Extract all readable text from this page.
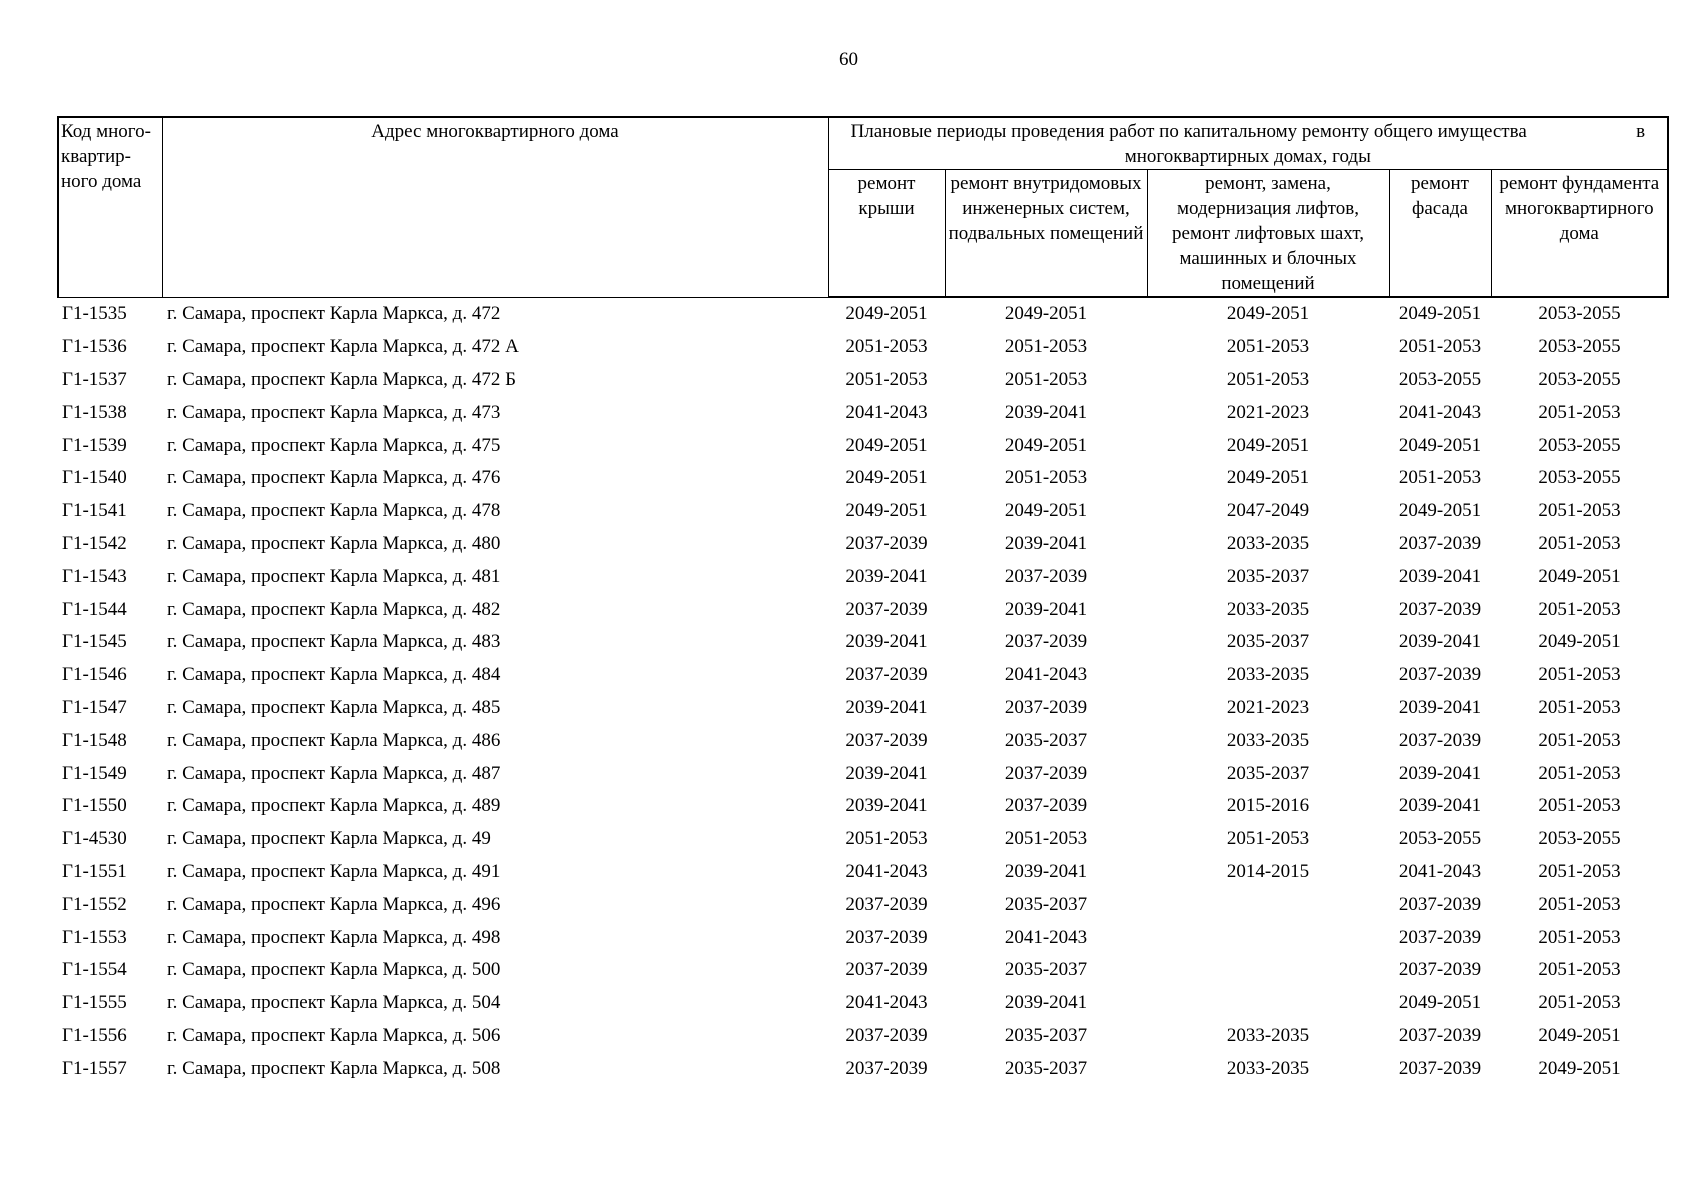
60
Код много-квартир-ного дома	Адрес многоквартирного дома	Плановые периоды проведения работ по капитальному ремонту общего имущества в
многоквартирных домах, годы				

		ремонт крыши	ремонт внутридомовых инженерных систем, подвальных помещений	ремонт, замена, модернизация лифтов, ремонт лифтовых шахт, машинных и блочных помещений	ремонт фасада	ремонт фундамента многоквартирного дома
Г1-1535	г. Самара, проспект Карла Маркса, д. 472	2049-2051	2049-2051	2049-2051	2049-2051	2053-2055
Г1-1536	г. Самара, проспект Карла Маркса, д. 472 А	2051-2053	2051-2053	2051-2053	2051-2053	2053-2055
Г1-1537	г. Самара, проспект Карла Маркса, д. 472 Б	2051-2053	2051-2053	2051-2053	2053-2055	2053-2055
Г1-1538	г. Самара, проспект Карла Маркса, д. 473	2041-2043	2039-2041	2021-2023	2041-2043	2051-2053
Г1-1539	г. Самара, проспект Карла Маркса, д. 475	2049-2051	2049-2051	2049-2051	2049-2051	2053-2055
Г1-1540	г. Самара, проспект Карла Маркса, д. 476	2049-2051	2051-2053	2049-2051	2051-2053	2053-2055
Г1-1541	г. Самара, проспект Карла Маркса, д. 478	2049-2051	2049-2051	2047-2049	2049-2051	2051-2053
Г1-1542	г. Самара, проспект Карла Маркса, д. 480	2037-2039	2039-2041	2033-2035	2037-2039	2051-2053
Г1-1543	г. Самара, проспект Карла Маркса, д. 481	2039-2041	2037-2039	2035-2037	2039-2041	2049-2051
Г1-1544	г. Самара, проспект Карла Маркса, д. 482	2037-2039	2039-2041	2033-2035	2037-2039	2051-2053
Г1-1545	г. Самара, проспект Карла Маркса, д. 483	2039-2041	2037-2039	2035-2037	2039-2041	2049-2051
Г1-1546	г. Самара, проспект Карла Маркса, д. 484	2037-2039	2041-2043	2033-2035	2037-2039	2051-2053
Г1-1547	г. Самара, проспект Карла Маркса, д. 485	2039-2041	2037-2039	2021-2023	2039-2041	2051-2053
Г1-1548	г. Самара, проспект Карла Маркса, д. 486	2037-2039	2035-2037	2033-2035	2037-2039	2051-2053
Г1-1549	г. Самара, проспект Карла Маркса, д. 487	2039-2041	2037-2039	2035-2037	2039-2041	2051-2053
Г1-1550	г. Самара, проспект Карла Маркса, д. 489	2039-2041	2037-2039	2015-2016	2039-2041	2051-2053
Г1-4530	г. Самара, проспект Карла Маркса, д. 49	2051-2053	2051-2053	2051-2053	2053-2055	2053-2055
Г1-1551	г. Самара, проспект Карла Маркса, д. 491	2041-2043	2039-2041	2014-2015	2041-2043	2051-2053
Г1-1552	г. Самара, проспект Карла Маркса, д. 496	2037-2039	2035-2037		2037-2039	2051-2053
Г1-1553	г. Самара, проспект Карла Маркса, д. 498	2037-2039	2041-2043		2037-2039	2051-2053
Г1-1554	г. Самара, проспект Карла Маркса, д. 500	2037-2039	2035-2037		2037-2039	2051-2053
Г1-1555	г. Самара, проспект Карла Маркса, д. 504	2041-2043	2039-2041		2049-2051	2051-2053
Г1-1556	г. Самара, проспект Карла Маркса, д. 506	2037-2039	2035-2037	2033-2035	2037-2039	2049-2051
Г1-1557	г. Самара, проспект Карла Маркса, д. 508	2037-2039	2035-2037	2033-2035	2037-2039	2049-2051
